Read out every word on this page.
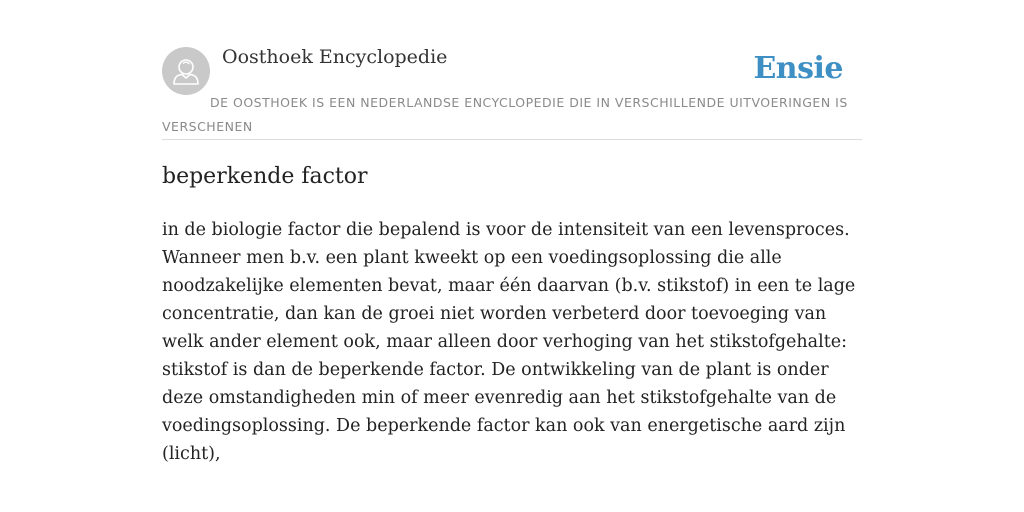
Oosthoek Encyclopedie	Ensie
DE OOSTHOEK IS EEN NEDERLANDSE ENCYCLOPEDIE DIE IN VERSCHILLENDE UITVOERINGEN IS VERSCHENEN
beperkende factor

in de biologie factor die bepalend is voor de intensiteit van een levensproces. Wanneer men b.v. een plant kweekt op een voedingsoplossing die alle noodzakelijke elementen bevat, maar één daarvan (b.v. stikstof) in een te lage concentratie, dan kan de groei niet worden verbeterd door toevoeging van welk ander element ook, maar alleen door verhoging van het stikstofgehalte: stikstof is dan de beperkende factor. De ontwikkeling van de plant is onder deze omstandigheden min of meer evenredig aan het stikstofgehalte van de voedingsoplossing. De beperkende factor kan ook van energetische aard zijn (licht),
